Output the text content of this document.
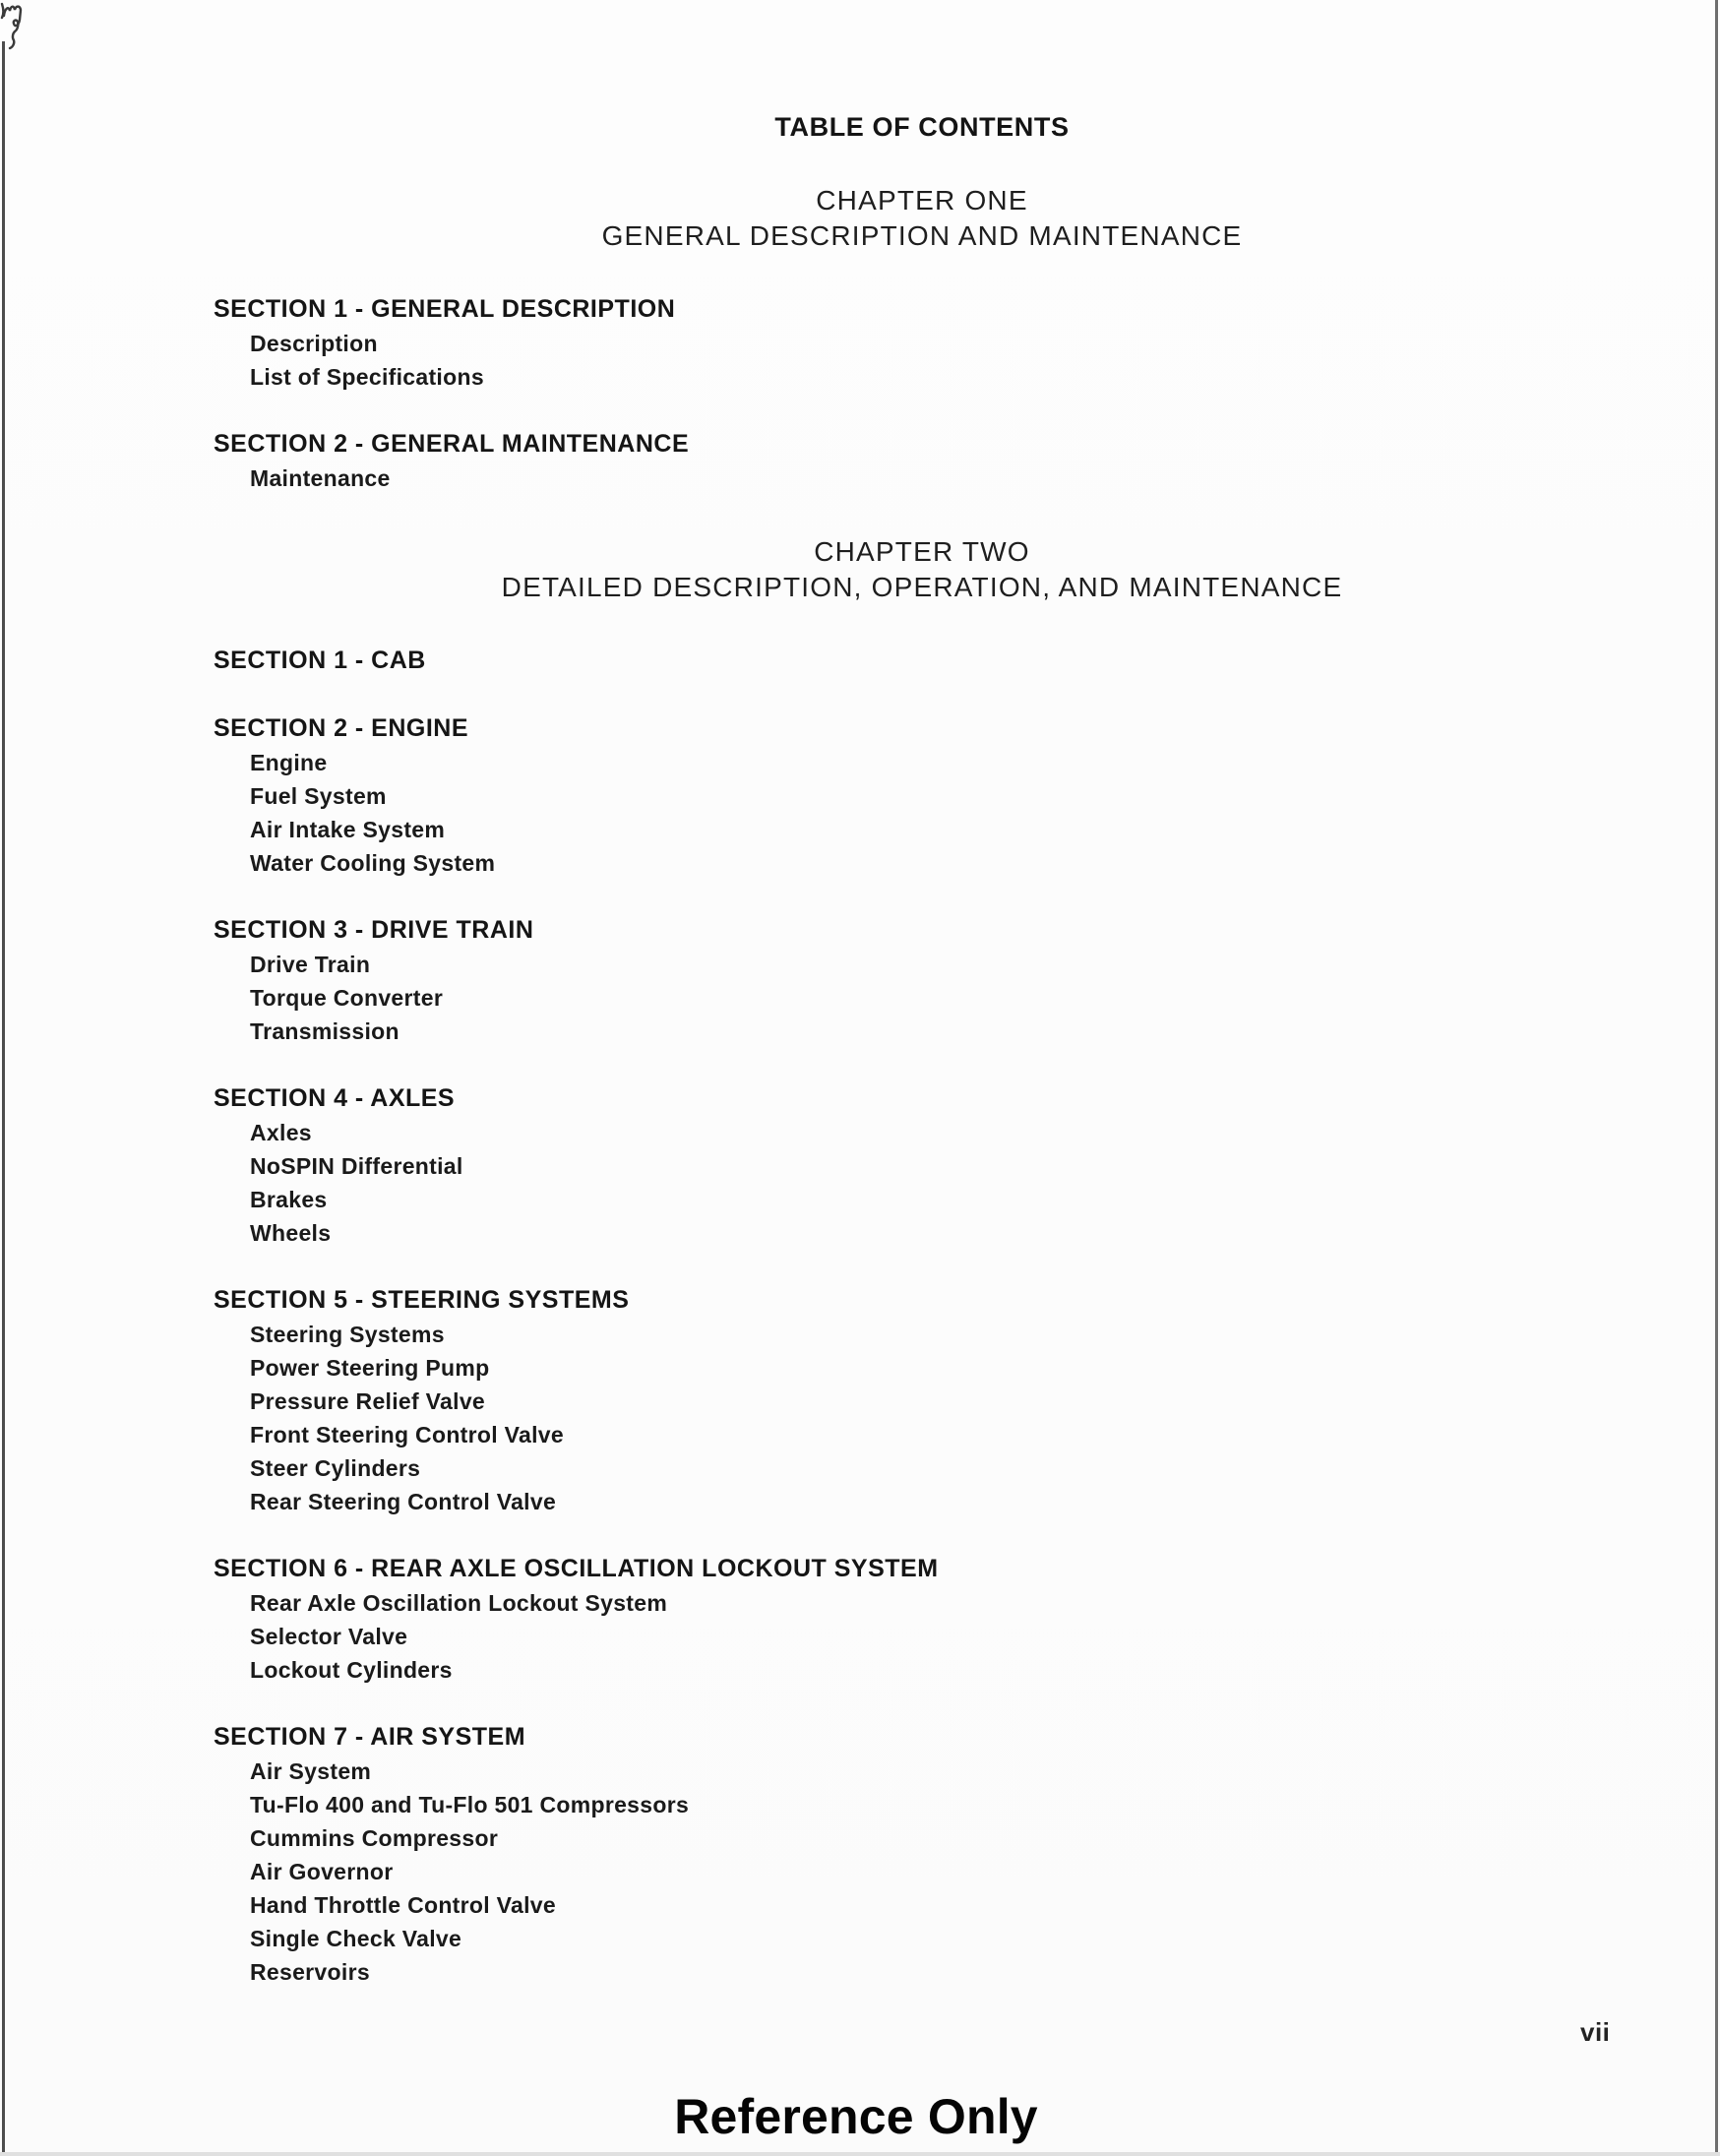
TABLE OF CONTENTS
CHAPTER ONE
GENERAL DESCRIPTION AND MAINTENANCE
SECTION 1 - GENERAL DESCRIPTION
Description
List of Specifications
SECTION 2 - GENERAL MAINTENANCE
Maintenance
CHAPTER TWO
DETAILED DESCRIPTION, OPERATION, AND MAINTENANCE
SECTION 1 - CAB
SECTION 2 - ENGINE
Engine
Fuel System
Air Intake System
Water Cooling System
SECTION 3 - DRIVE TRAIN
Drive Train
Torque Converter
Transmission
SECTION 4 - AXLES
Axles
NoSPIN Differential
Brakes
Wheels
SECTION 5 - STEERING SYSTEMS
Steering Systems
Power Steering Pump
Pressure Relief Valve
Front Steering Control Valve
Steer Cylinders
Rear Steering Control Valve
SECTION 6 - REAR AXLE OSCILLATION LOCKOUT SYSTEM
Rear Axle Oscillation Lockout System
Selector Valve
Lockout Cylinders
SECTION 7 - AIR SYSTEM
Air System
Tu-Flo 400 and Tu-Flo 501 Compressors
Cummins Compressor
Air Governor
Hand Throttle Control Valve
Single Check Valve
Reservoirs
vii
Reference Only
